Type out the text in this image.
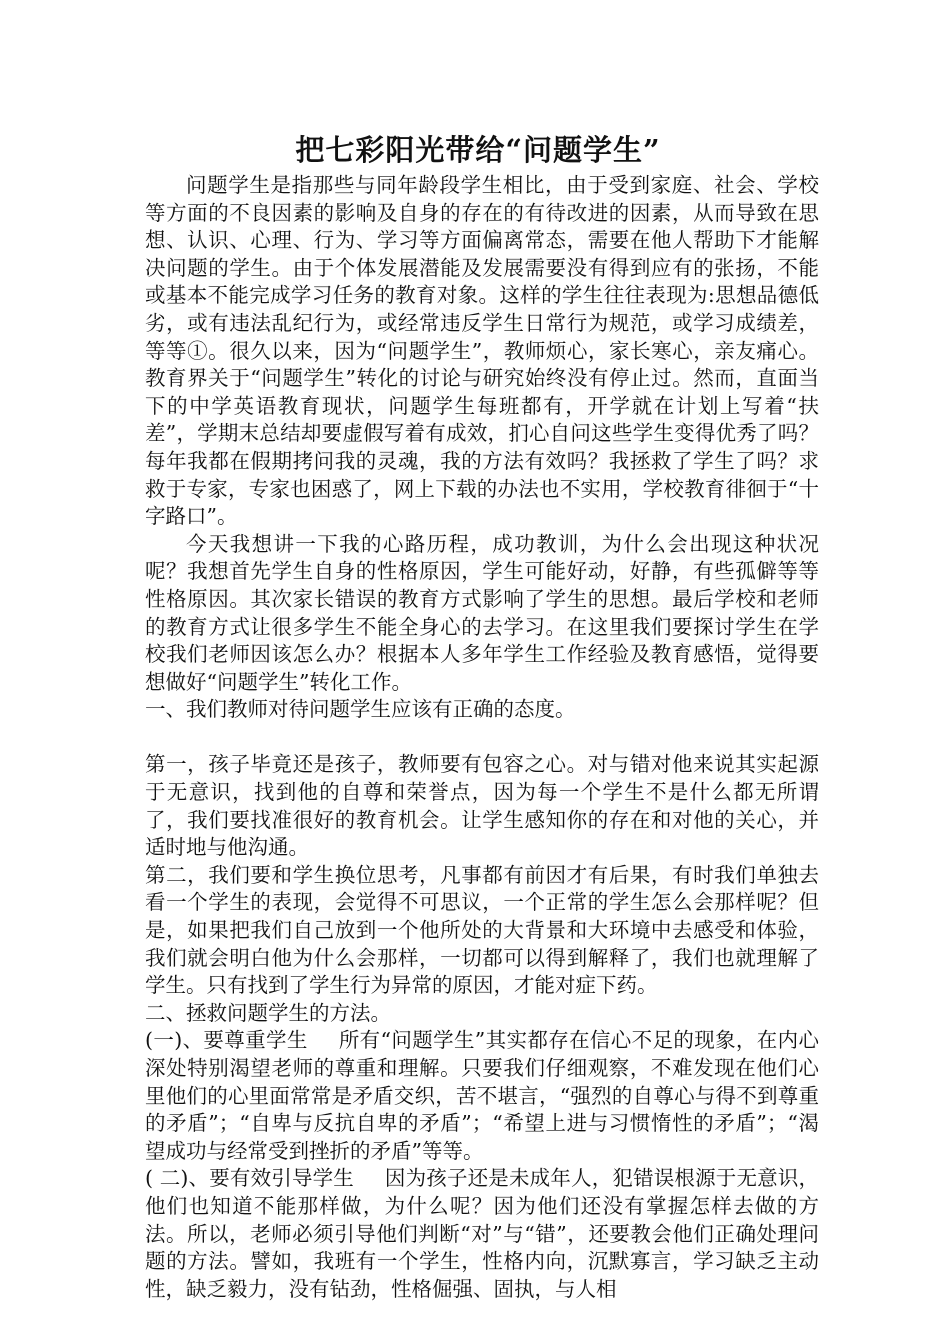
把七彩阳光带给“问题学生”

问题学生是指那些与同年龄段学生相比，由于受到家庭、社会、学校等方面的不良因素的影响及自身的存在的有待改进的因素，从而导致在思想、认识、心理、行为、学习等方面偏离常态，需要在他人帮助下才能解决问题的学生。由于个体发展潜能及发展需要没有得到应有的张扬，不能或基本不能完成学习任务的教育对象。这样的学生往往表现为:思想品德低劣，或有违法乱纪行为，或经常违反学生日常行为规范，或学习成绩差，等等①。很久以来，因为“问题学生”，教师烦心，家长寒心，亲友痛心。教育界关于“问题学生”转化的讨论与研究始终没有停止过。然而，直面当下的中学英语教育现状，问题学生每班都有，开学就在计划上写着“扶差”，学期末总结却要虚假写着有成效，扪心自问这些学生变得优秀了吗？每年我都在假期拷问我的灵魂，我的方法有效吗？我拯救了学生了吗？求救于专家，专家也困惑了，网上下载的办法也不实用，学校教育徘徊于“十字路口”。

今天我想讲一下我的心路历程，成功教训，为什么会出现这种状况呢？我想首先学生自身的性格原因，学生可能好动，好静，有些孤僻等等性格原因。其次家长错误的教育方式影响了学生的思想。最后学校和老师的教育方式让很多学生不能全身心的去学习。在这里我们要探讨学生在学校我们老师因该怎么办？根据本人多年学生工作经验及教育感悟，觉得要想做好“问题学生”转化工作。

一、我们教师对待问题学生应该有正确的态度。

第一，孩子毕竟还是孩子，教师要有包容之心。对与错对他来说其实起源于无意识，找到他的自尊和荣誉点，因为每一个学生不是什么都无所谓了，我们要找准很好的教育机会。让学生感知你的存在和对他的关心，并适时地与他沟通。

第二，我们要和学生换位思考，凡事都有前因才有后果，有时我们单独去看一个学生的表现，会觉得不可思议，一个正常的学生怎么会那样呢？但是，如果把我们自己放到一个他所处的大背景和大环境中去感受和体验，我们就会明白他为什么会那样，一切都可以得到解释了，我们也就理解了学生。只有找到了学生行为异常的原因，才能对症下药。

二、拯救问题学生的方法。

(一)、要尊重学生 所有“问题学生”其实都存在信心不足的现象，在内心深处特别渴望老师的尊重和理解。只要我们仔细观察，不难发现在他们心里他们的心里面常常是矛盾交织，苦不堪言，“强烈的自尊心与得不到尊重的矛盾”；“自卑与反抗自卑的矛盾”；“希望上进与习惯惰性的矛盾”；“渴望成功与经常受到挫折的矛盾”等等。

( 二)、要有效引导学生 因为孩子还是未成年人，犯错误根源于无意识，他们也知道不能那样做，为什么呢？因为他们还没有掌握怎样去做的方法。所以，老师必须引导他们判断“对”与“错”，还要教会他们正确处理问题的方法。譬如，我班有一个学生，性格内向，沉默寡言，学习缺乏主动性，缺乏毅力，没有钻劲，性格倔强、固执，与人相
